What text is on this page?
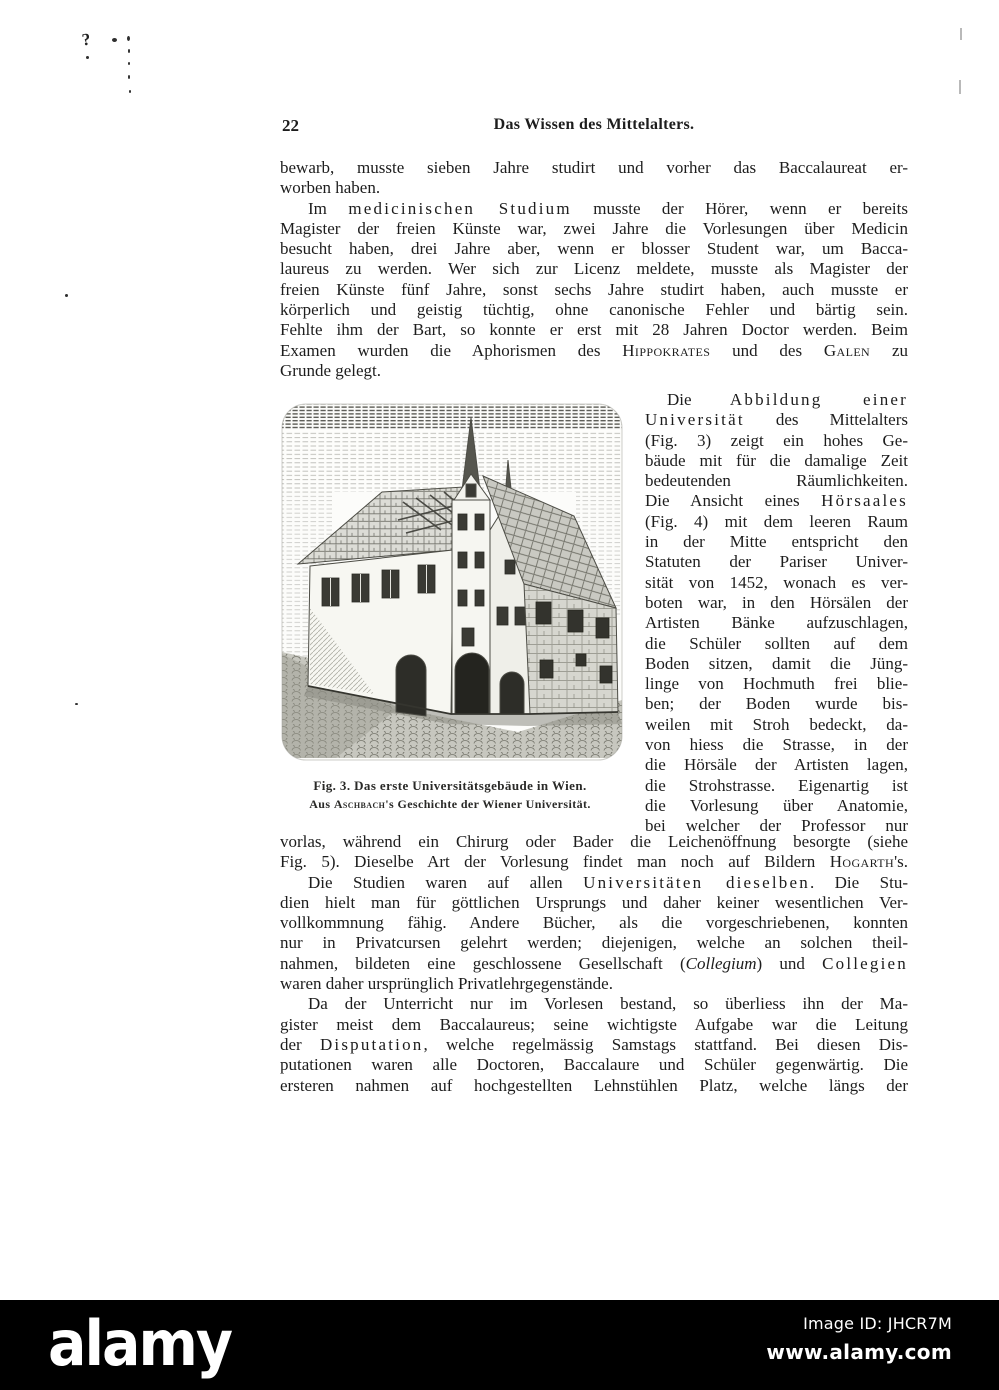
?
22	Das Wissen des Mittelalters.
bewarb, musste sieben Jahre studirt und vorher das Baccalaureat er-
worben haben.
Im medicinischen Studium musste der Hörer, wenn er bereits
Magister der freien Künste war, zwei Jahre die Vorlesungen über Medicin
besucht haben, drei Jahre aber, wenn er blosser Student war, um Bacca-
laureus zu werden. Wer sich zur Licenz meldete, musste als Magister der
freien Künste fünf Jahre, sonst sechs Jahre studirt haben, auch musste er
körperlich und geistig tüchtig, ohne canonische Fehler und bärtig sein.
Fehlte ihm der Bart, so konnte er erst mit 28 Jahren Doctor werden. Beim
Examen wurden die Aphorismen des Hippokrates und des Galen zu
Grunde gelegt.
Die Abbildung einer
Universität des Mittelalters
(Fig. 3) zeigt ein hohes Ge-
bäude mit für die damalige Zeit
bedeutenden Räumlichkeiten.
Die Ansicht eines Hörsaales
(Fig. 4) mit dem leeren Raum
in der Mitte entspricht den
Statuten der Pariser Univer-
sität von 1452, wonach es ver-
boten war, in den Hörsälen der
Artisten Bänke aufzuschlagen,
die Schüler sollten auf dem
Boden sitzen, damit die Jüng-
linge von Hochmuth frei blie-
ben; der Boden wurde bis-
weilen mit Stroh bedeckt, da-
von hiess die Strasse, in der
die Hörsäle der Artisten lagen,
die Strohstrasse. Eigenartig ist
die Vorlesung über Anatomie,
bei welcher der Professor nur
Fig. 3. Das erste Universitätsgebäude in Wien.
Aus Aschbach's Geschichte der Wiener Universität.
vorlas, während ein Chirurg oder Bader die Leichenöffnung besorgte (siehe
Fig. 5). Dieselbe Art der Vorlesung findet man noch auf Bildern Hogarth's.
Die Studien waren auf allen Universitäten dieselben. Die Stu-
dien hielt man für göttlichen Ursprungs und daher keiner wesentlichen Ver-
vollkommnung fähig. Andere Bücher, als die vorgeschriebenen, konnten
nur in Privatcursen gelehrt werden; diejenigen, welche an solchen theil-
nahmen, bildeten eine geschlossene Gesellschaft (Collegium) und Collegien
waren daher ursprünglich Privatlehrgegenstände.
Da der Unterricht nur im Vorlesen bestand, so überliess ihn der Ma-
gister meist dem Baccalaureus; seine wichtigste Aufgabe war die Leitung
der Disputation, welche regelmässig Samstags stattfand. Bei diesen Dis-
putationen waren alle Doctoren, Baccalaure und Schüler gegenwärtig. Die
ersteren nahmen auf hochgestellten Lehnstühlen Platz, welche längs der
alamy	Image ID: JHCR7M
www.alamy.com
